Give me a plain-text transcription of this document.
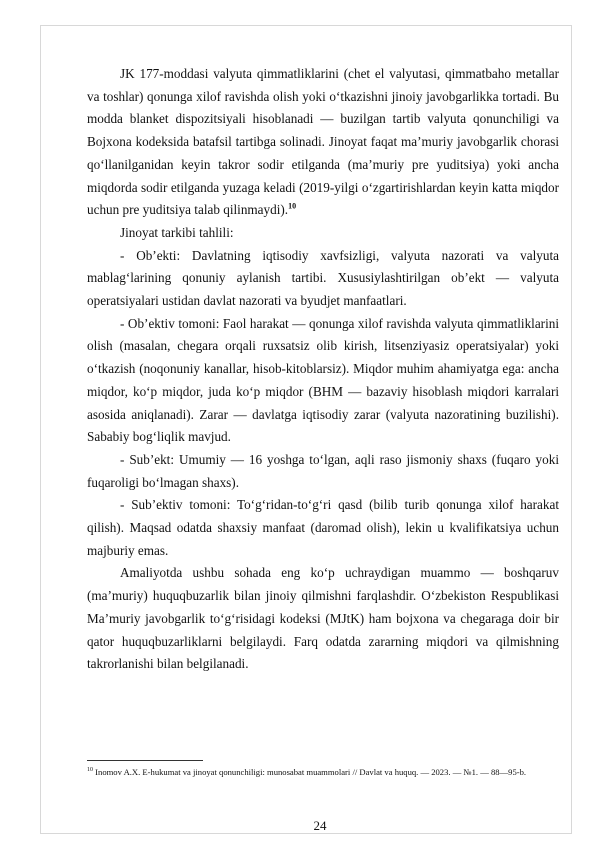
JK 177-moddasi valyuta qimmatliklarini (chet el valyutasi, qimmatbaho metallar va toshlar) qonunga xilof ravishda olish yoki o‘tkazishni jinoiy javobgarlikka tortadi. Bu modda blanket dispozitsiyali hisoblanadi — buzilgan tartib valyuta qonunchiligi va Bojxona kodeksida batafsil tartibga solinadi. Jinoyat faqat ma’muriy javobgarlik chorasi qo‘llanilganidan keyin takror sodir etilganda (ma’muriy pre yuditsiya) yoki ancha miqdorda sodir etilganda yuzaga keladi (2019-yilgi o‘zgartirishlardan keyin katta miqdor uchun pre yuditsiya talab qilinmaydi).$^{10}$

Jinoyat tarkibi tahlili:

- Ob’ekti: Davlatning iqtisodiy xavfsizligi, valyuta nazorati va valyuta mablag‘larining qonuniy aylanish tartibi. Xususiylashtirilgan ob’ekt — valyuta operatsiyalari ustidan davlat nazorati va byudjet manfaatlari.

- Ob’ektiv tomoni: Faol harakat — qonunga xilof ravishda valyuta qimmatliklarini olish (masalan, chegara orqali ruxsatsiz olib kirish, litsenziyasiz operatsiyalar) yoki o‘tkazish (noqonuniy kanallar, hisob-kitoblarsiz). Miqdor muhim ahamiyatga ega: ancha miqdor, ko‘p miqdor, juda ko‘p miqdor (BHM — bazaviy hisoblash miqdori karralari asosida aniqlanadi). Zarar — davlatga iqtisodiy zarar (valyuta nazoratining buzilishi). Sababiy bog‘liqlik mavjud.

- Sub’ekt: Umumiy — 16 yoshga to‘lgan, aqli raso jismoniy shaxs (fuqaro yoki fuqaroligi bo‘lmagan shaxs).

- Sub’ektiv tomoni: To‘g‘ridan-to‘g‘ri qasd (bilib turib qonunga xilof harakat qilish). Maqsad odatda shaxsiy manfaat (daromad olish), lekin u kvalifikatsiya uchun majburiy emas.

Amaliyotda ushbu sohada eng ko‘p uchraydigan muammo — boshqaruv (ma’muriy) huquqbuzarlik bilan jinoiy qilmishni farqlashdir. O‘zbekiston Respublikasi Ma’muriy javobgarlik to‘g‘risidagi kodeksi (MJtK) ham bojxona va chegaraga doir bir qator huquqbuzarliklarni belgilaydi. Farq odatda zararning miqdori va qilmishning takrorlanishi bilan belgilanadi.

$^{10}$ Inomov A.X. E-hukumat va jinoyat qonunchiligi: munosabat muammolari // Davlat va huquq. — 2023. — №1. — 88—95-b.
24
